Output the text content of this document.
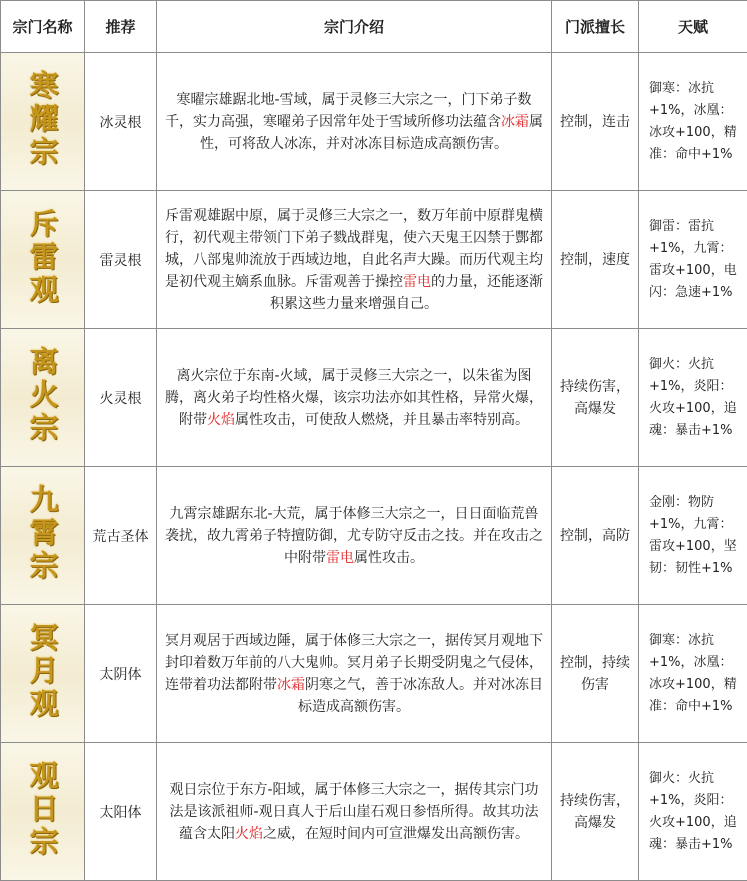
宗门名称	推荐	宗门介绍	门派擅长	天赋
寒耀宗	冰灵根	寒曜宗雄踞北地-雪域，属于灵修三大宗之一，门下弟子数千，实力高强，寒曜弟子因常年处于雪域所修功法蕴含冰霜属性，可将敌人冰冻，并对冰冻目标造成高额伤害。	控制，连击	御寒：冰抗+1%，冰凰：冰攻+100，精准：命中+1%
斥雷观	雷灵根	斥雷观雄踞中原，属于灵修三大宗之一，数万年前中原群鬼横行，初代观主带领门下弟子戮战群鬼，使六天鬼王囚禁于酆都城，八部鬼帅流放于西域边地，自此名声大躁。而历代观主均是初代观主嫡系血脉。斥雷观善于操控雷电的力量，还能逐渐积累这些力量来增强自己。	控制，速度	御雷：雷抗+1%，九霄：雷攻+100，电闪：急速+1%
离火宗	火灵根	离火宗位于东南-火域，属于灵修三大宗之一，以朱雀为图腾，离火弟子均性格火爆，该宗功法亦如其性格，异常火爆，附带火焰属性攻击，可使敌人燃烧，并且暴击率特别高。	持续伤害，高爆发	御火：火抗+1%，炎阳：火攻+100，追魂：暴击+1%
九霄宗	荒古圣体	九霄宗雄踞东北-大荒，属于体修三大宗之一，日日面临荒兽袭扰，故九霄弟子特擅防御，尤专防守反击之技。并在攻击之中附带雷电属性攻击。	控制，高防	金刚：物防+1%，九霄：雷攻+100，坚韧：韧性+1%
冥月观	太阴体	冥月观居于西域边陲，属于体修三大宗之一，据传冥月观地下封印着数万年前的八大鬼帅。冥月弟子长期受阴鬼之气侵体，连带着功法都附带冰霜阴寒之气，善于冰冻敌人。并对冰冻目标造成高额伤害。	控制，持续伤害	御寒：冰抗+1%，冰凰：冰攻+100，精准：命中+1%
观日宗	太阳体	观日宗位于东方-阳域，属于体修三大宗之一，据传其宗门功法是该派祖师-观日真人于后山崖石观日参悟所得。故其功法蕴含太阳火焰之威，在短时间内可宣泄爆发出高额伤害。	持续伤害，高爆发	御火：火抗+1%，炎阳：火攻+100，追魂：暴击+1%
